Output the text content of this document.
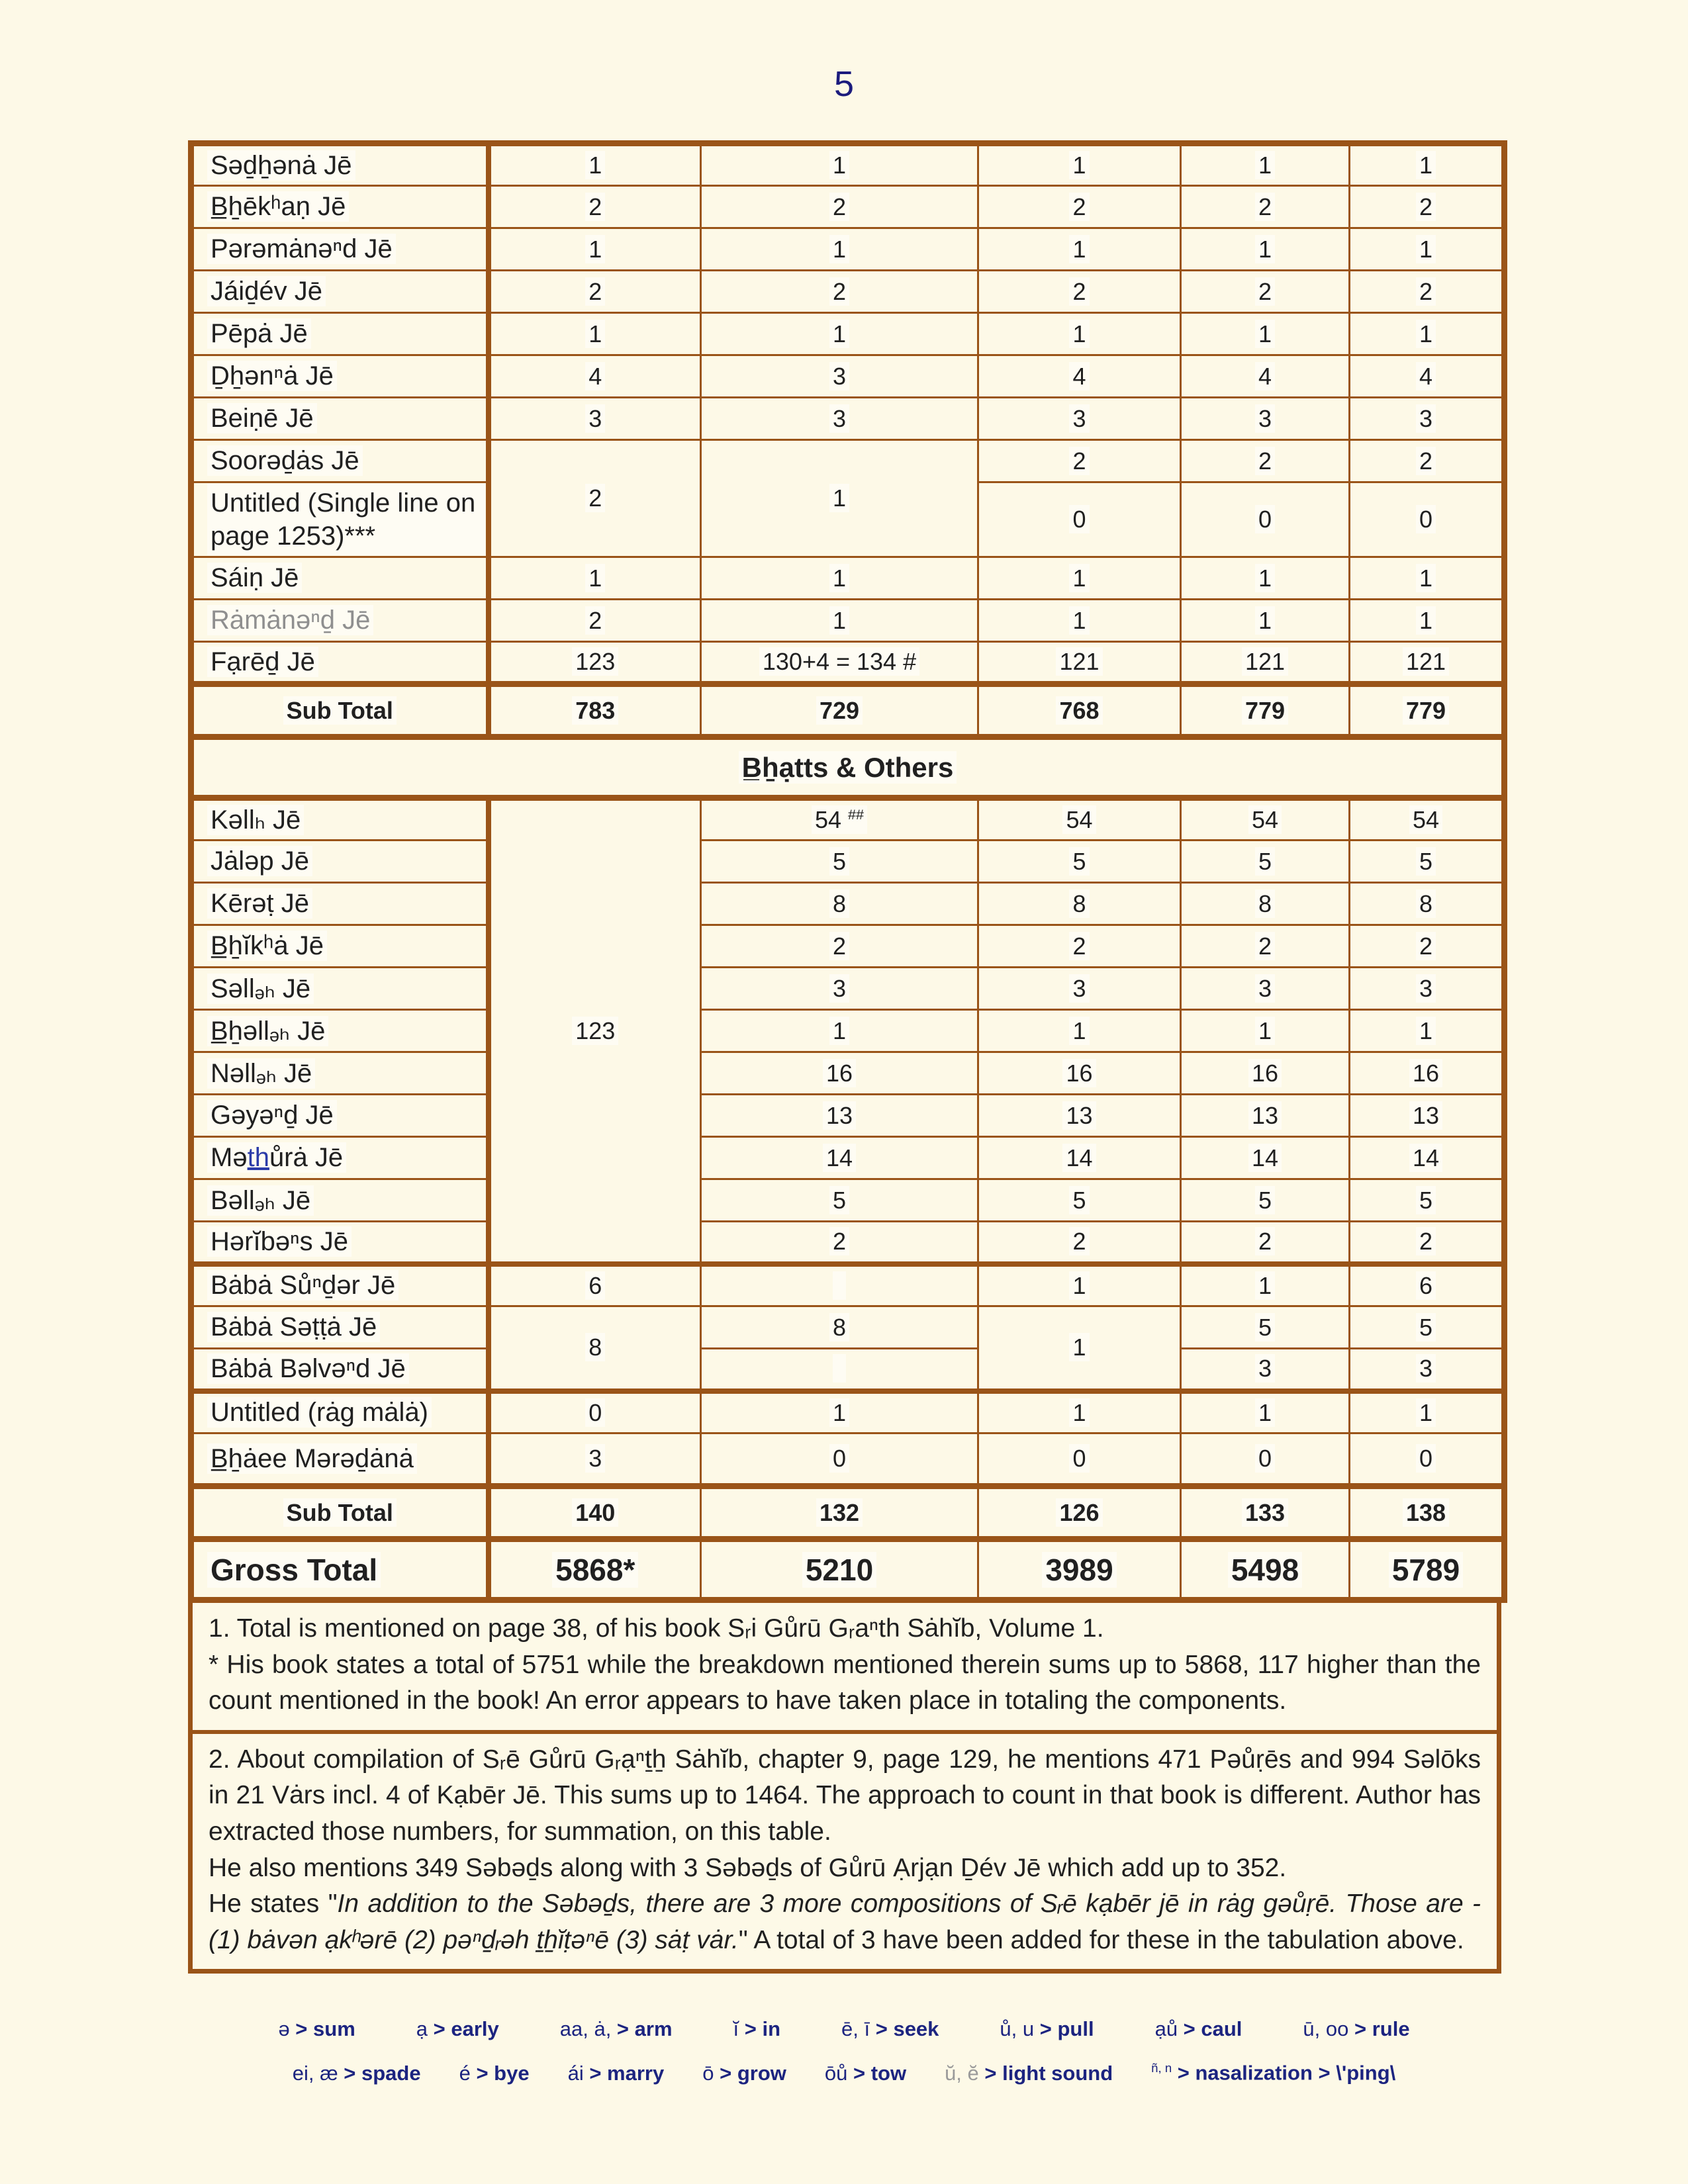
5
Səḏẖənȧ Jē	1	1	1	1	1
B̲ẖēkʰaṇ Jē	2	2	2	2	2
Pərəmȧnəⁿd Jē	1	1	1	1	1
Jáiḏév Jē	2	2	2	2	2
Pēpȧ Jē	1	1	1	1	1
Ḏẖənⁿȧ Jē	4	3	4	4	4
Beiṇē Jē	3	3	3	3	3
Soorəḏȧs Jē	2	1	2	2	2
Untitled (Single line on page 1253)***			0	0	0
Sáiṇ Jē	1	1	1	1	1
Rȧmȧnəⁿḏ Jē	2	1	1	1	1
Fạrēḏ Jē	123	130+4 = 134 #	121	121	121
Sub Total	783	729	768	779	779
B̲ẖạtts & Others					
Kəllₕ Jē	123	54 ##	54	54	54
Jȧləp Jē		5	5	5	5
Kērəṭ Jē		8	8	8	8
B̲ẖĭkʰȧ Jē		2	2	2	2
Səllₔₕ Jē		3	3	3	3
B̲ẖəllₔₕ Jē		1	1	1	1
Nəllₔₕ Jē		16	16	16	16
Gəyəⁿḏ Jē		13	13	13	13
Məthůrȧ Jē		14	14	14	14
Bəllₔₕ Jē		5	5	5	5
Hərĭbəⁿs Jē		2	2	2	2
Bȧbȧ Sůⁿḏər Jē	6		1	1	6
Bȧbȧ Səṭṭȧ Jē	8	8	1	5	5
Bȧbȧ Bəlvəⁿd Jē				3	3
Untitled (rȧg mȧlȧ)	0	1	1	1	1
B̲ẖȧee Mərəḏȧnȧ	3	0	0	0	0
Sub Total	140	132	126	133	138
Gross Total	5868*	5210	3989	5498	5789

1. Total is mentioned on page 38, of his book Sᵣi Gůrū Gᵣaⁿth Sȧhĭb, Volume 1.

* His book states a total of 5751 while the breakdown mentioned therein sums up to 5868, 117 higher than the count mentioned in the book! An error appears to have taken place in totaling the components.

2. About compilation of Sᵣē Gůrū Gᵣạⁿṯẖ Sȧhĭb, chapter 9, page 129, he mentions 471 Pəůṛēs and 994 Səlōks in 21 Vȧrs incl. 4 of Kạbēr Jē. This sums up to 1464. The approach to count in that book is different. Author has extracted those numbers, for summation, on this table.

He also mentions 349 Səbəḏs along with 3 Səbəḏs of Gůrū Ạrjạn Ḏév Jē which add up to 352.

He states "In addition to the Səbəḏs, there are 3 more compositions of Sᵣē kạbēr jē in rȧg gəůṛē. Those are - (1) bȧvən ạkʰərē (2) pəⁿḏᵣəh ṯẖĭṭəⁿē (3) sȧṭ vȧr." A total of 3 have been added for these in the tabulation above.

ə > sum	ạ > early	aa, ȧ, > arm	ĭ > in	ē, ī > seek	ů, u > pull	ạů > caul	ū, oo > rule
ei, æ > spade é > bye ái > marry ō > grow ōů > tow ŭ, ĕ > light sound	$^{ñ, n}$ > nasalization > \'ping\
